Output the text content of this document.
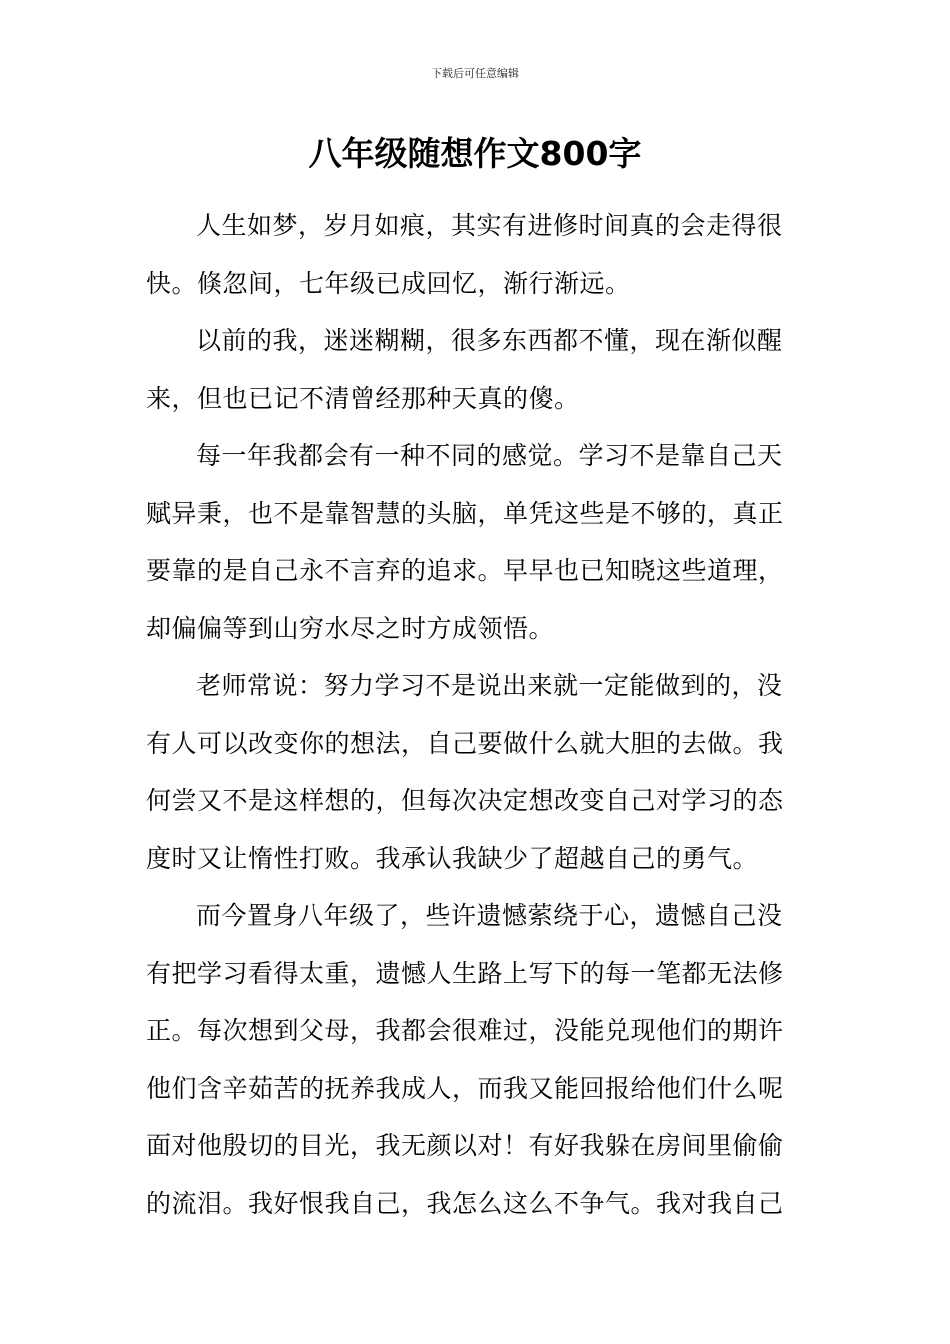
下载后可任意编辑
八年级随想作文800字

人生如梦，岁月如痕，其实有进修时间真的会走得很
快。倏忽间，七年级已成回忆，渐行渐远。

以前的我，迷迷糊糊，很多东西都不懂，现在渐似醒
来，但也已记不清曾经那种天真的傻。

每一年我都会有一种不同的感觉。学习不是靠自己天
赋异秉，也不是靠智慧的头脑，单凭这些是不够的，真正
要靠的是自己永不言弃的追求。早早也已知晓这些道理，
却偏偏等到山穷水尽之时方成领悟。

老师常说：努力学习不是说出来就一定能做到的，没
有人可以改变你的想法，自己要做什么就大胆的去做。我
何尝又不是这样想的，但每次决定想改变自己对学习的态
度时又让惰性打败。我承认我缺少了超越自己的勇气。

而今置身八年级了，些许遗憾萦绕于心，遗憾自己没
有把学习看得太重，遗憾人生路上写下的每一笔都无法修
正。每次想到父母，我都会很难过，没能兑现他们的期许
他们含辛茹苦的抚养我成人，而我又能回报给他们什么呢
面对他殷切的目光，我无颜以对！有好我躲在房间里偷偷
的流泪。我好恨我自己，我怎么这么不争气。我对我自己
